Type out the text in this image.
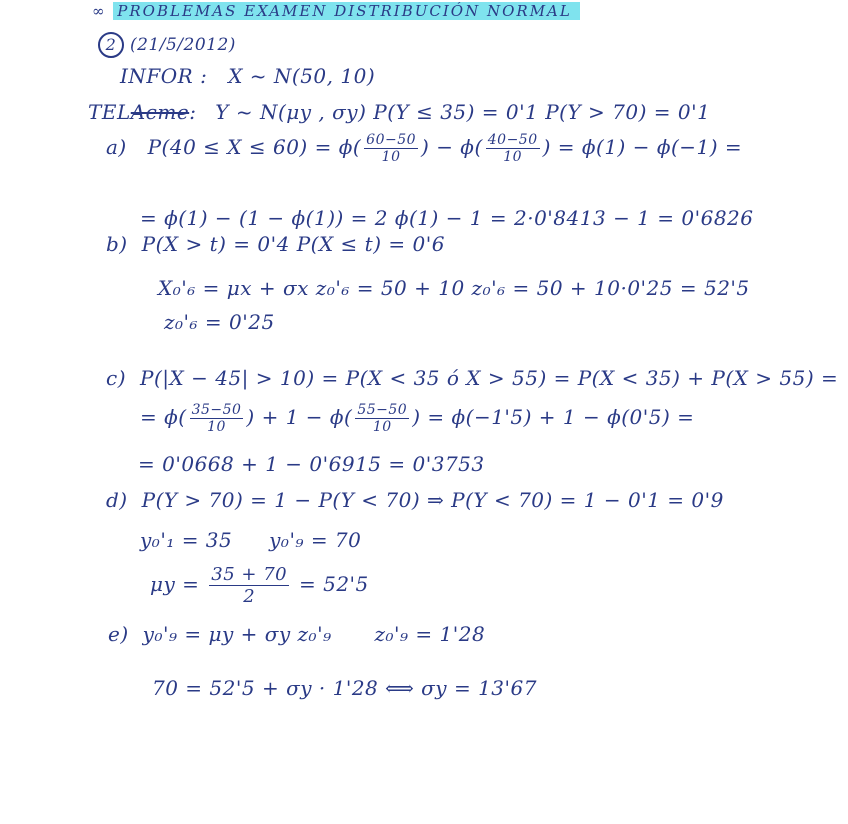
∞ PROBLEMAS EXAMEN DISTRIBUCIÓN NORMAL
2 (21/5/2012)
INFOR : X ~ N(50, 10)
TELAcme: Y ~ N(μy , σy) P(Y ≤ 35) = 0'1 P(Y > 70) = 0'1
a) $P(40 \le X \le 60) = \phi( \frac{60-50}{10}$ ) − $\phi( \frac{40-50}{10}$ ) = ϕ(1) − ϕ(−1) =
= ϕ(1) − (1 − ϕ(1)) = 2 ϕ(1) − 1 = 2·0'8413 − 1 = 0'6826
b) P(X > t) = 0'4 P(X ≤ t) = 0'6
X₀'₆ = μx + σx z₀'₆ = 50 + 10 z₀'₆ = 50 + 10·0'25 = 52'5
z₀'₆ = 0'25
c) P(|X − 45| > 10) = P(X < 35 ó X > 55) = P(X < 35) + P(X > 55) =
= $\phi( \frac{35-50}{10}$ ) + $1 - \phi( \frac{55-50}{10}$ ) = ϕ(−1'5) + 1 − ϕ(0'5) =
= 0'0668 + 1 − 0'6915 = 0'3753
d) P(Y > 70) = 1 − P(Y < 70) ⇒ P(Y < 70) = 1 − 0'1 = 0'9
y₀'₁ = 35 y₀'₉ = 70
$\mu y = \frac{35 + 70}{2} = 52'5$
e) y₀'₉ = μy + σy z₀'₉ z₀'₉ = 1'28
70 = 52'5 + σy · 1'28 ⟺ σy = 13'67
